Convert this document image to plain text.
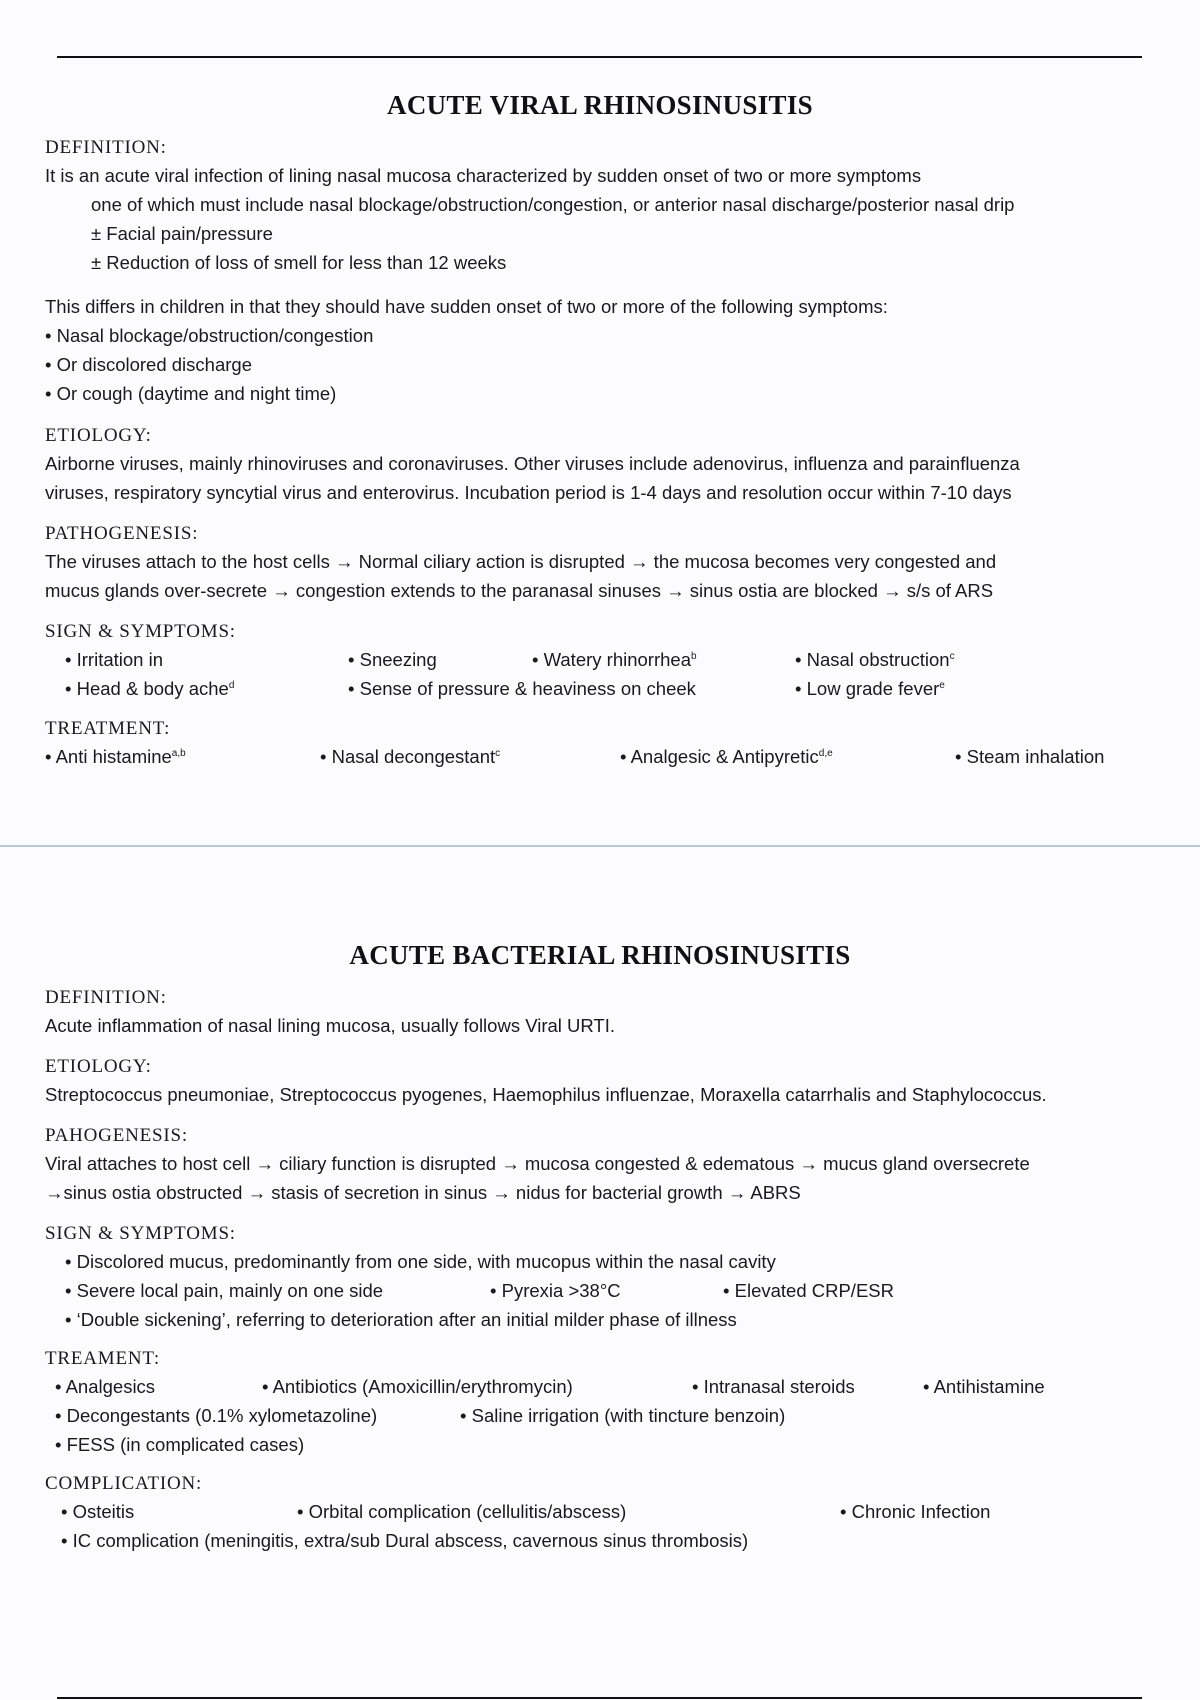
ACUTE VIRAL RHINOSINUSITIS

DEFINITION:

It is an acute viral infection of lining nasal mucosa characterized by sudden onset of two or more symptoms

one of which must include nasal blockage/obstruction/congestion, or anterior nasal discharge/posterior nasal drip

± Facial pain/pressure

± Reduction of loss of smell for less than 12 weeks

This differs in children in that they should have sudden onset of two or more of the following symptoms:

• Nasal blockage/obstruction/congestion

• Or discolored discharge

• Or cough (daytime and night time)

ETIOLOGY:

Airborne viruses, mainly rhinoviruses and coronaviruses. Other viruses include adenovirus, influenza and parainfluenza

viruses, respiratory syncytial virus and enterovirus. Incubation period is 1-4 days and resolution occur within 7-10 days

PATHOGENESIS:

The viruses attach to the host cells → Normal ciliary action is disrupted → the mucosa becomes very congested and

mucus glands over-secrete → congestion extends to the paranasal sinuses → sinus ostia are blocked → s/s of ARS

SIGN & SYMPTOMS:

• Irritation in	• Sneezing	• Watery rhinorrhea$^b$	• Nasal obstruction$^c$
• Head & body ache$^d$	• Sense of pressure & heaviness on cheek	• Low grade fever$^e$

TREATMENT:

• Anti histamine$^{a,b}$	• Nasal decongestant$^c$	• Analgesic & Antipyretic$^{d,e}$	• Steam inhalation
ACUTE BACTERIAL RHINOSINUSITIS

DEFINITION:

Acute inflammation of nasal lining mucosa, usually follows Viral URTI.

ETIOLOGY:

Streptococcus pneumoniae, Streptococcus pyogenes, Haemophilus influenzae, Moraxella catarrhalis and Staphylococcus.

PAHOGENESIS:

Viral attaches to host cell → ciliary function is disrupted → mucosa congested & edematous → mucus gland oversecrete

→sinus ostia obstructed → stasis of secretion in sinus → nidus for bacterial growth → ABRS

SIGN & SYMPTOMS:

• Discolored mucus, predominantly from one side, with mucopus within the nasal cavity

• Severe local pain, mainly on one side	• Pyrexia >38°C	• Elevated CRP/ESR

• ‘Double sickening’, referring to deterioration after an initial milder phase of illness

TREAMENT:

• Analgesics	• Antibiotics (Amoxicillin/erythromycin)	• Intranasal steroids	• Antihistamine
• Decongestants (0.1% xylometazoline)	• Saline irrigation (with tincture benzoin)
• FESS (in complicated cases)

COMPLICATION:

• Osteitis	• Orbital complication (cellulitis/abscess)	• Chronic Infection
• IC complication (meningitis, extra/sub Dural abscess, cavernous sinus thrombosis)
